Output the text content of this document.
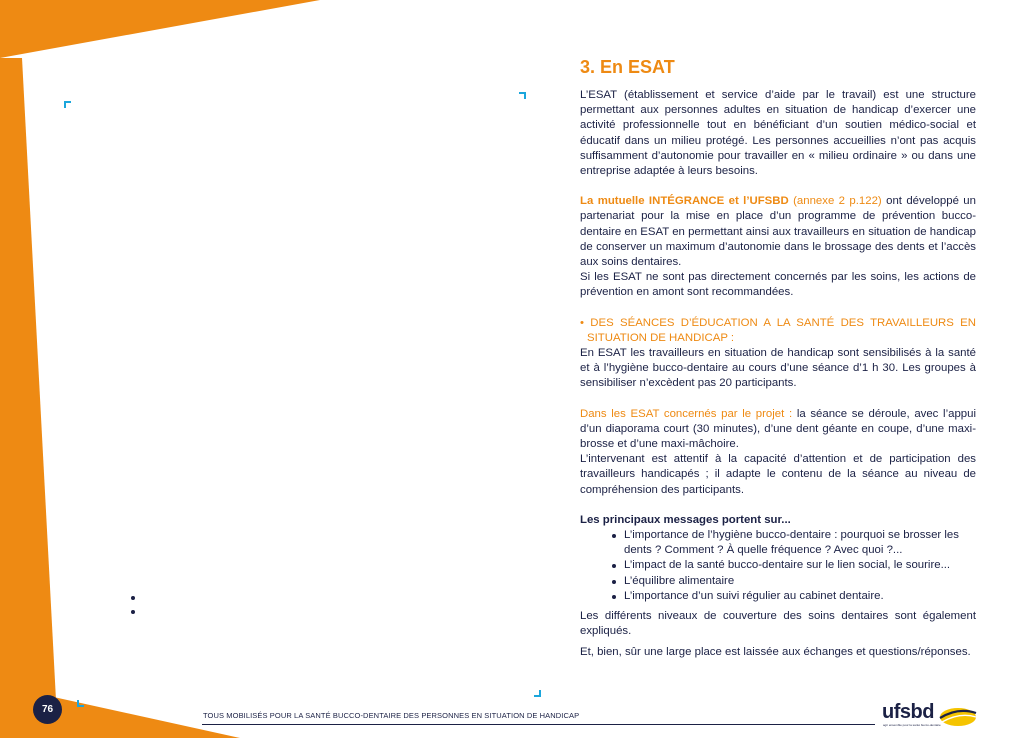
3. En ESAT

L’ESAT (établissement et service d’aide par le travail) est une structure permettant aux personnes adultes en situation de handicap d’exercer une activité professionnelle tout en bénéficiant d’un soutien médico-social et éducatif dans un milieu protégé. Les personnes accueillies n’ont pas acquis suffisamment d’autonomie pour travailler en « milieu ordinaire » ou dans une entreprise adaptée à leurs besoins.

La mutuelle INTÉGRANCE et l’UFSBD (annexe 2 p.122) ont développé un partenariat pour la mise en place d’un programme de prévention bucco-dentaire en ESAT en permettant ainsi aux travailleurs en situation de handicap de conserver un maximum d’autonomie dans le brossage des dents et l’accès aux soins dentaires.

Si les ESAT ne sont pas directement concernés par les soins, les actions de prévention en amont sont recommandées.

• DES SÉANCES D’ÉDUCATION A LA SANTÉ DES TRAVAILLEURS EN SITUATION DE HANDICAP :

En ESAT les travailleurs en situation de handicap sont sensibilisés à la santé et à l’hygiène bucco-dentaire au cours d’une séance d’1 h 30. Les groupes à sensibiliser n’excèdent pas 20 participants.

Dans les ESAT concernés par le projet : la séance se déroule, avec l’appui d’un diaporama court (30 minutes), d’une dent géante en coupe, d’une maxi-brosse et d’une maxi-mâchoire.

L’intervenant est attentif à la capacité d’attention et de participation des travailleurs handicapés ; il adapte le contenu de la séance au niveau de compréhension des participants.

Les principaux messages portent sur...

L’importance de l’hygiène bucco-dentaire : pourquoi se brosser les dents ? Comment ? À quelle fréquence ? Avec quoi ?...
L’impact de la santé bucco-dentaire sur le lien social, le sourire...
L’équilibre alimentaire
L’importance d’un suivi régulier au cabinet dentaire.

Les différents niveaux de couverture des soins dentaires sont également expliqués.

Et, bien, sûr une large place est laissée aux échanges et questions/réponses.

76
TOUS MOBILISÉS POUR LA SANTÉ BUCCO-DENTAIRE DES PERSONNES EN SITUATION DE HANDICAP	ufsbd
agir ensemble pour la santé bucco-dentaire
